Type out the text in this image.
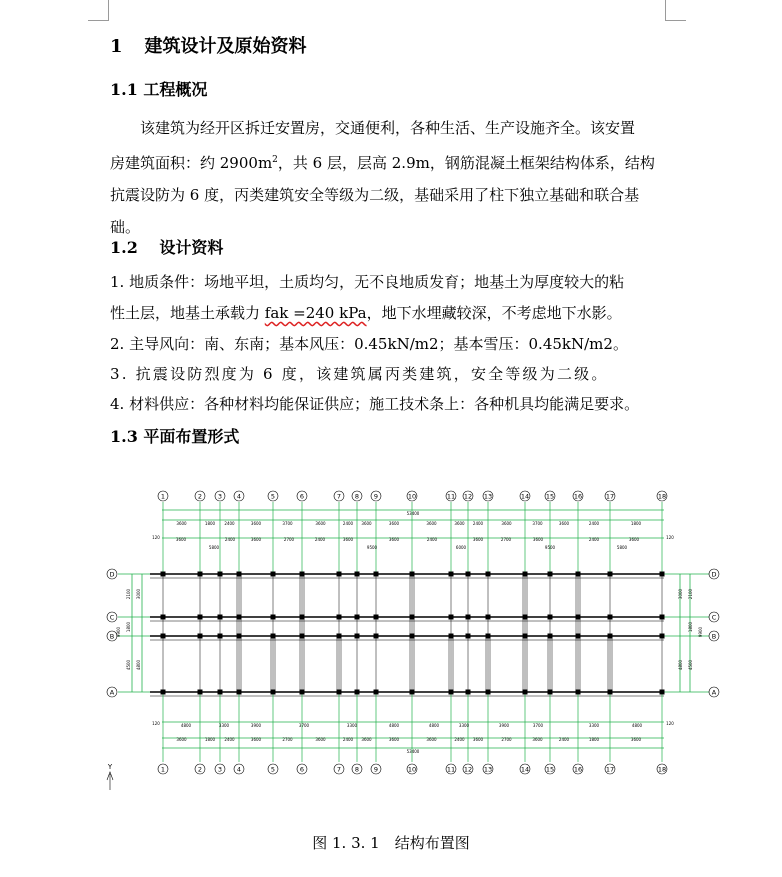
1 建筑设计及原始资料
1.1 工程概况
该建筑为经开区拆迁安置房，交通便利，各种生活、生产设施齐全。该安置
房建筑面积：约 $2900m^2$，共 6 层，层高 2.9m，钢筋混凝土框架结构体系，结构
抗震设防为 6 度，丙类建筑安全等级为二级，基础采用了柱下独立基础和联合基
础。
1.2　 设计资料
1. 地质条件：场地平坦，土质均匀，无不良地质发育；地基土为厚度较大的粘
性土层，地基土承载力 fak =240 kPa，地下水埋藏较深，不考虑地下水影。
2. 主导风向：南、东南；基本风压：0.45kN/m2；基本雪压：0.45kN/m2。
3. 抗震设防烈度为 6 度，该建筑属丙类建筑，安全等级为二级。
4. 材料供应：各种材料均能保证供应；施工技术条上：各种机具均能满足要求。
1.3 平面布置形式
1
1
2
2
3
3
4
4
5
5
6
6
7
7
8
8
9
9
10
10
11
11
12
12
13
13
14
14
15
15
16
16
17
17
18
18
D	D
C	C
B	B
A	A
3600	1800 2400	3600	3700	3600	2400 3600	3600	3600	3600 2400	3600	3700	3600	2400	1800
3600	2400	3600	2700	2400	3600	3600	2400	3600	2700	3600	2400	3600
53400
5800	9500	6000	9500	5800
120	120
120	120
4800	3300	3900	3700	3300	4800	4800	3300	3900	3700	3300	4800
3600	1800 2400	3600	2700	3600	2400 3600	3600	3600	2400 3600	2700	3600	2400	1800	3600
53400
2100 3000
1800
4500 4800
9900
2100
3000
1800
4500
4800
9900
Y
图 1. 3. 1　结构布置图
